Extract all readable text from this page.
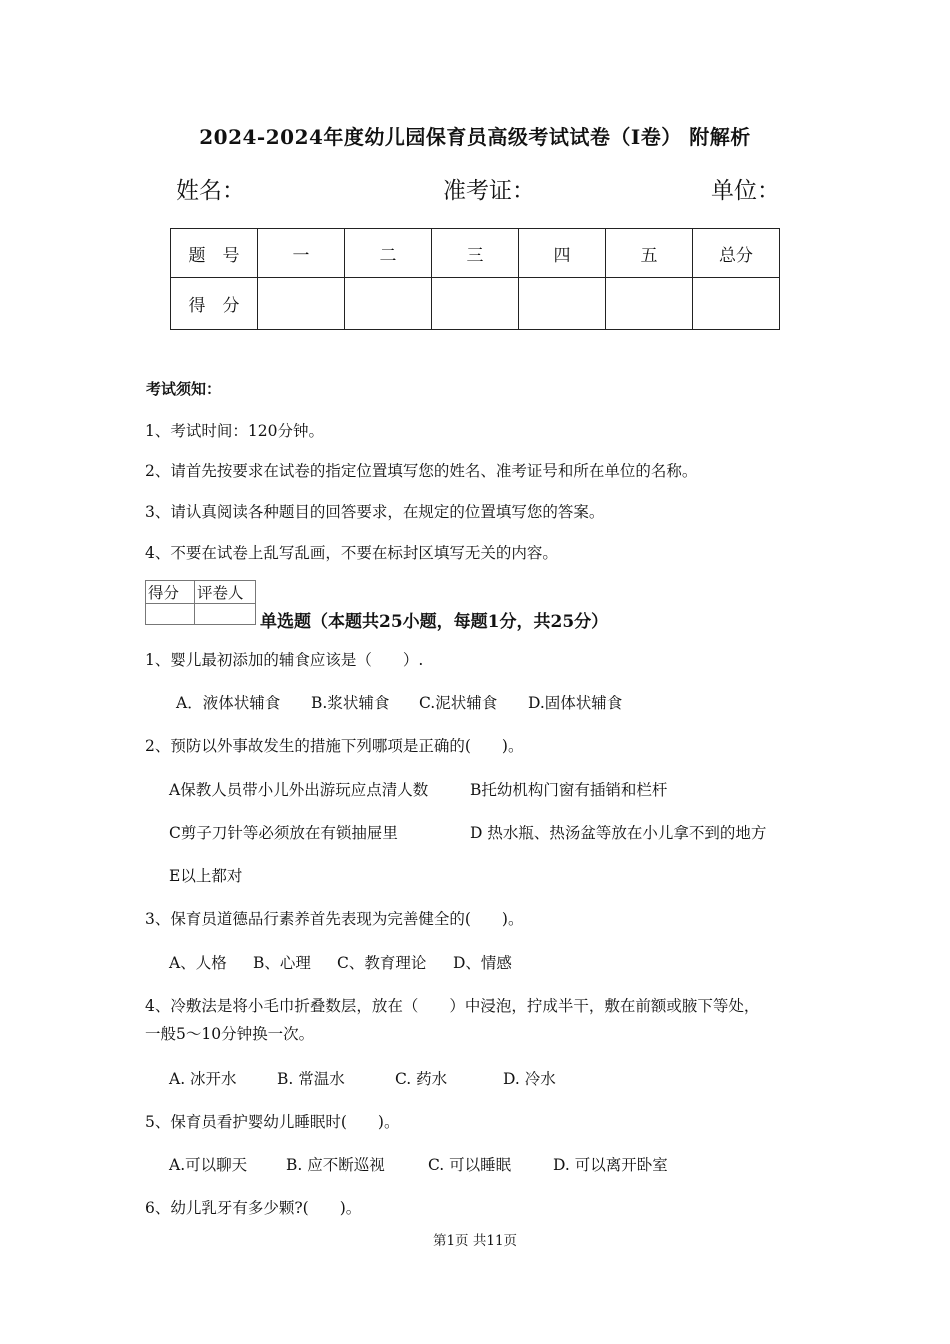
2024-2024年度幼儿园保育员高级考试试卷（I卷） 附解析
姓名：	准考证：	单位：
题　号	一	二	三	四	五	总分
得　分						
考试须知：
1、考试时间：120分钟。
2、请首先按要求在试卷的指定位置填写您的姓名、准考证号和所在单位的名称。
3、请认真阅读各种题目的回答要求，在规定的位置填写您的答案。
4、不要在试卷上乱写乱画，不要在标封区填写无关的内容。
得分	评卷人

单选题（本题共25小题，每题1分，共25分）
1、婴儿最初添加的辅食应该是（　　）.
A．液体状辅食 B.浆状辅食 C.泥状辅食 D.固体状辅食
2、预防以外事故发生的措施下列哪项是正确的(　　)。
A保教人员带小儿外出游玩应点清人数	B托幼机构门窗有插销和栏杆
C剪子刀针等必须放在有锁抽屉里	D 热水瓶、热汤盆等放在小儿拿不到的地方
E以上都对
3、保育员道德品行素养首先表现为完善健全的(　　)。
A、人格 B、心理 C、教育理论 D、情感
4、冷敷法是将小毛巾折叠数层，放在（　　）中浸泡，拧成半干，敷在前额或腋下等处，
一般5～10分钟换一次。
A. 冰开水	B. 常温水	C. 药水	D. 冷水
5、保育员看护婴幼儿睡眠时(　　)。
A.可以聊天	B. 应不断巡视	C. 可以睡眠	D. 可以离开卧室
6、幼儿乳牙有多少颗?(　　)。
第1页 共11页
